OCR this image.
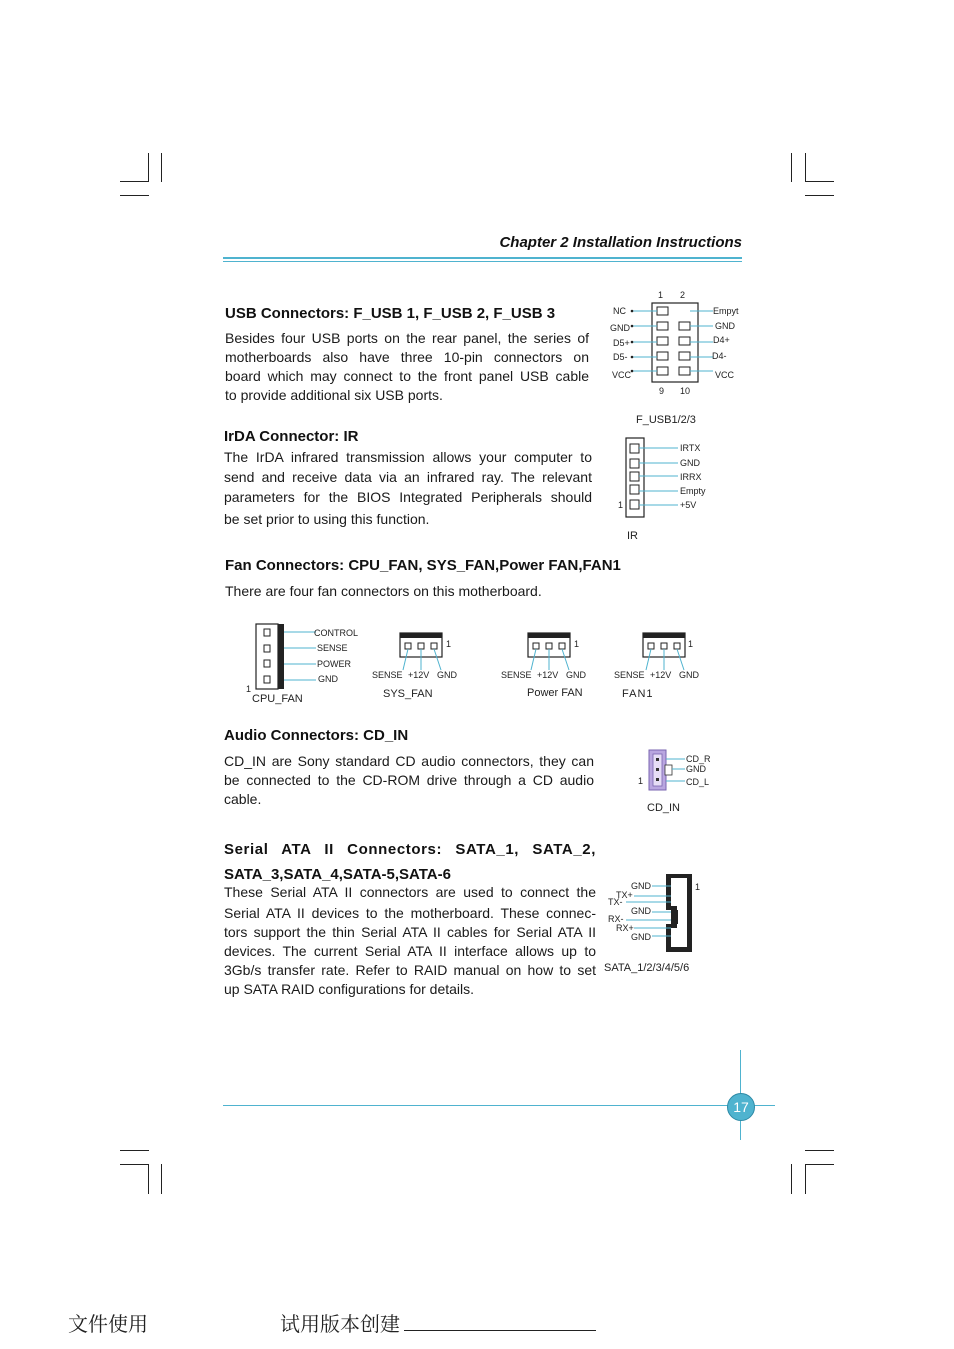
Chapter 2 Installation Instructions
USB Connectors: F_USB 1, F_USB 2, F_USB 3
Besides four USB ports on the rear panel, the series of
motherboards also have three 10-pin connectors on
board which may connect to the front panel USB cable
to provide additional six USB ports.
1 2
9 10
NC
GND
D5+
D5-
VCC
Empyt
GND
D4+
D4-
VCC
F_USB1/2/3
IrDA Connector: IR
The IrDA infrared transmission allows your computer to
send and receive data via an infrared ray. The relevant
parameters for the BIOS Integrated Peripherals should
be set prior to using this function.
IRTX
GND
IRRX
Empty
+5V
1
IR
Fan Connectors: CPU_FAN, SYS_FAN,Power FAN,FAN1
There are four fan connectors on this motherboard.
CONTROL
SENSE
POWER
GND
1
CPU_FAN
1
SENSE +12V GND
SYS_FAN
1
SENSE +12V GND
Power FAN
1
SENSE +12V GND
FAN1
Audio Connectors: CD_IN
CD_IN are Sony standard CD audio connectors, they can
be connected to the CD-ROM drive through a CD audio
cable.
CD_R
GND
CD_L
1
CD_IN
Serial  ATA  II  Connectors:  SATA_1,  SATA_2,
SATA_3,SATA_4,SATA-5,SATA-6
These Serial ATA II connectors are used to connect the
Serial ATA II devices to the motherboard. These connec-
tors support the thin Serial ATA II cables for Serial ATA II
devices. The current Serial ATA II interface allows up to
3Gb/s transfer rate. Refer to RAID manual on how to set
up SATA RAID configurations for details.
GND
TX+
TX-
GND
RX-
RX+
GND
1
SATA_1/2/3/4/5/6
17
文件使用	试用版本创建
